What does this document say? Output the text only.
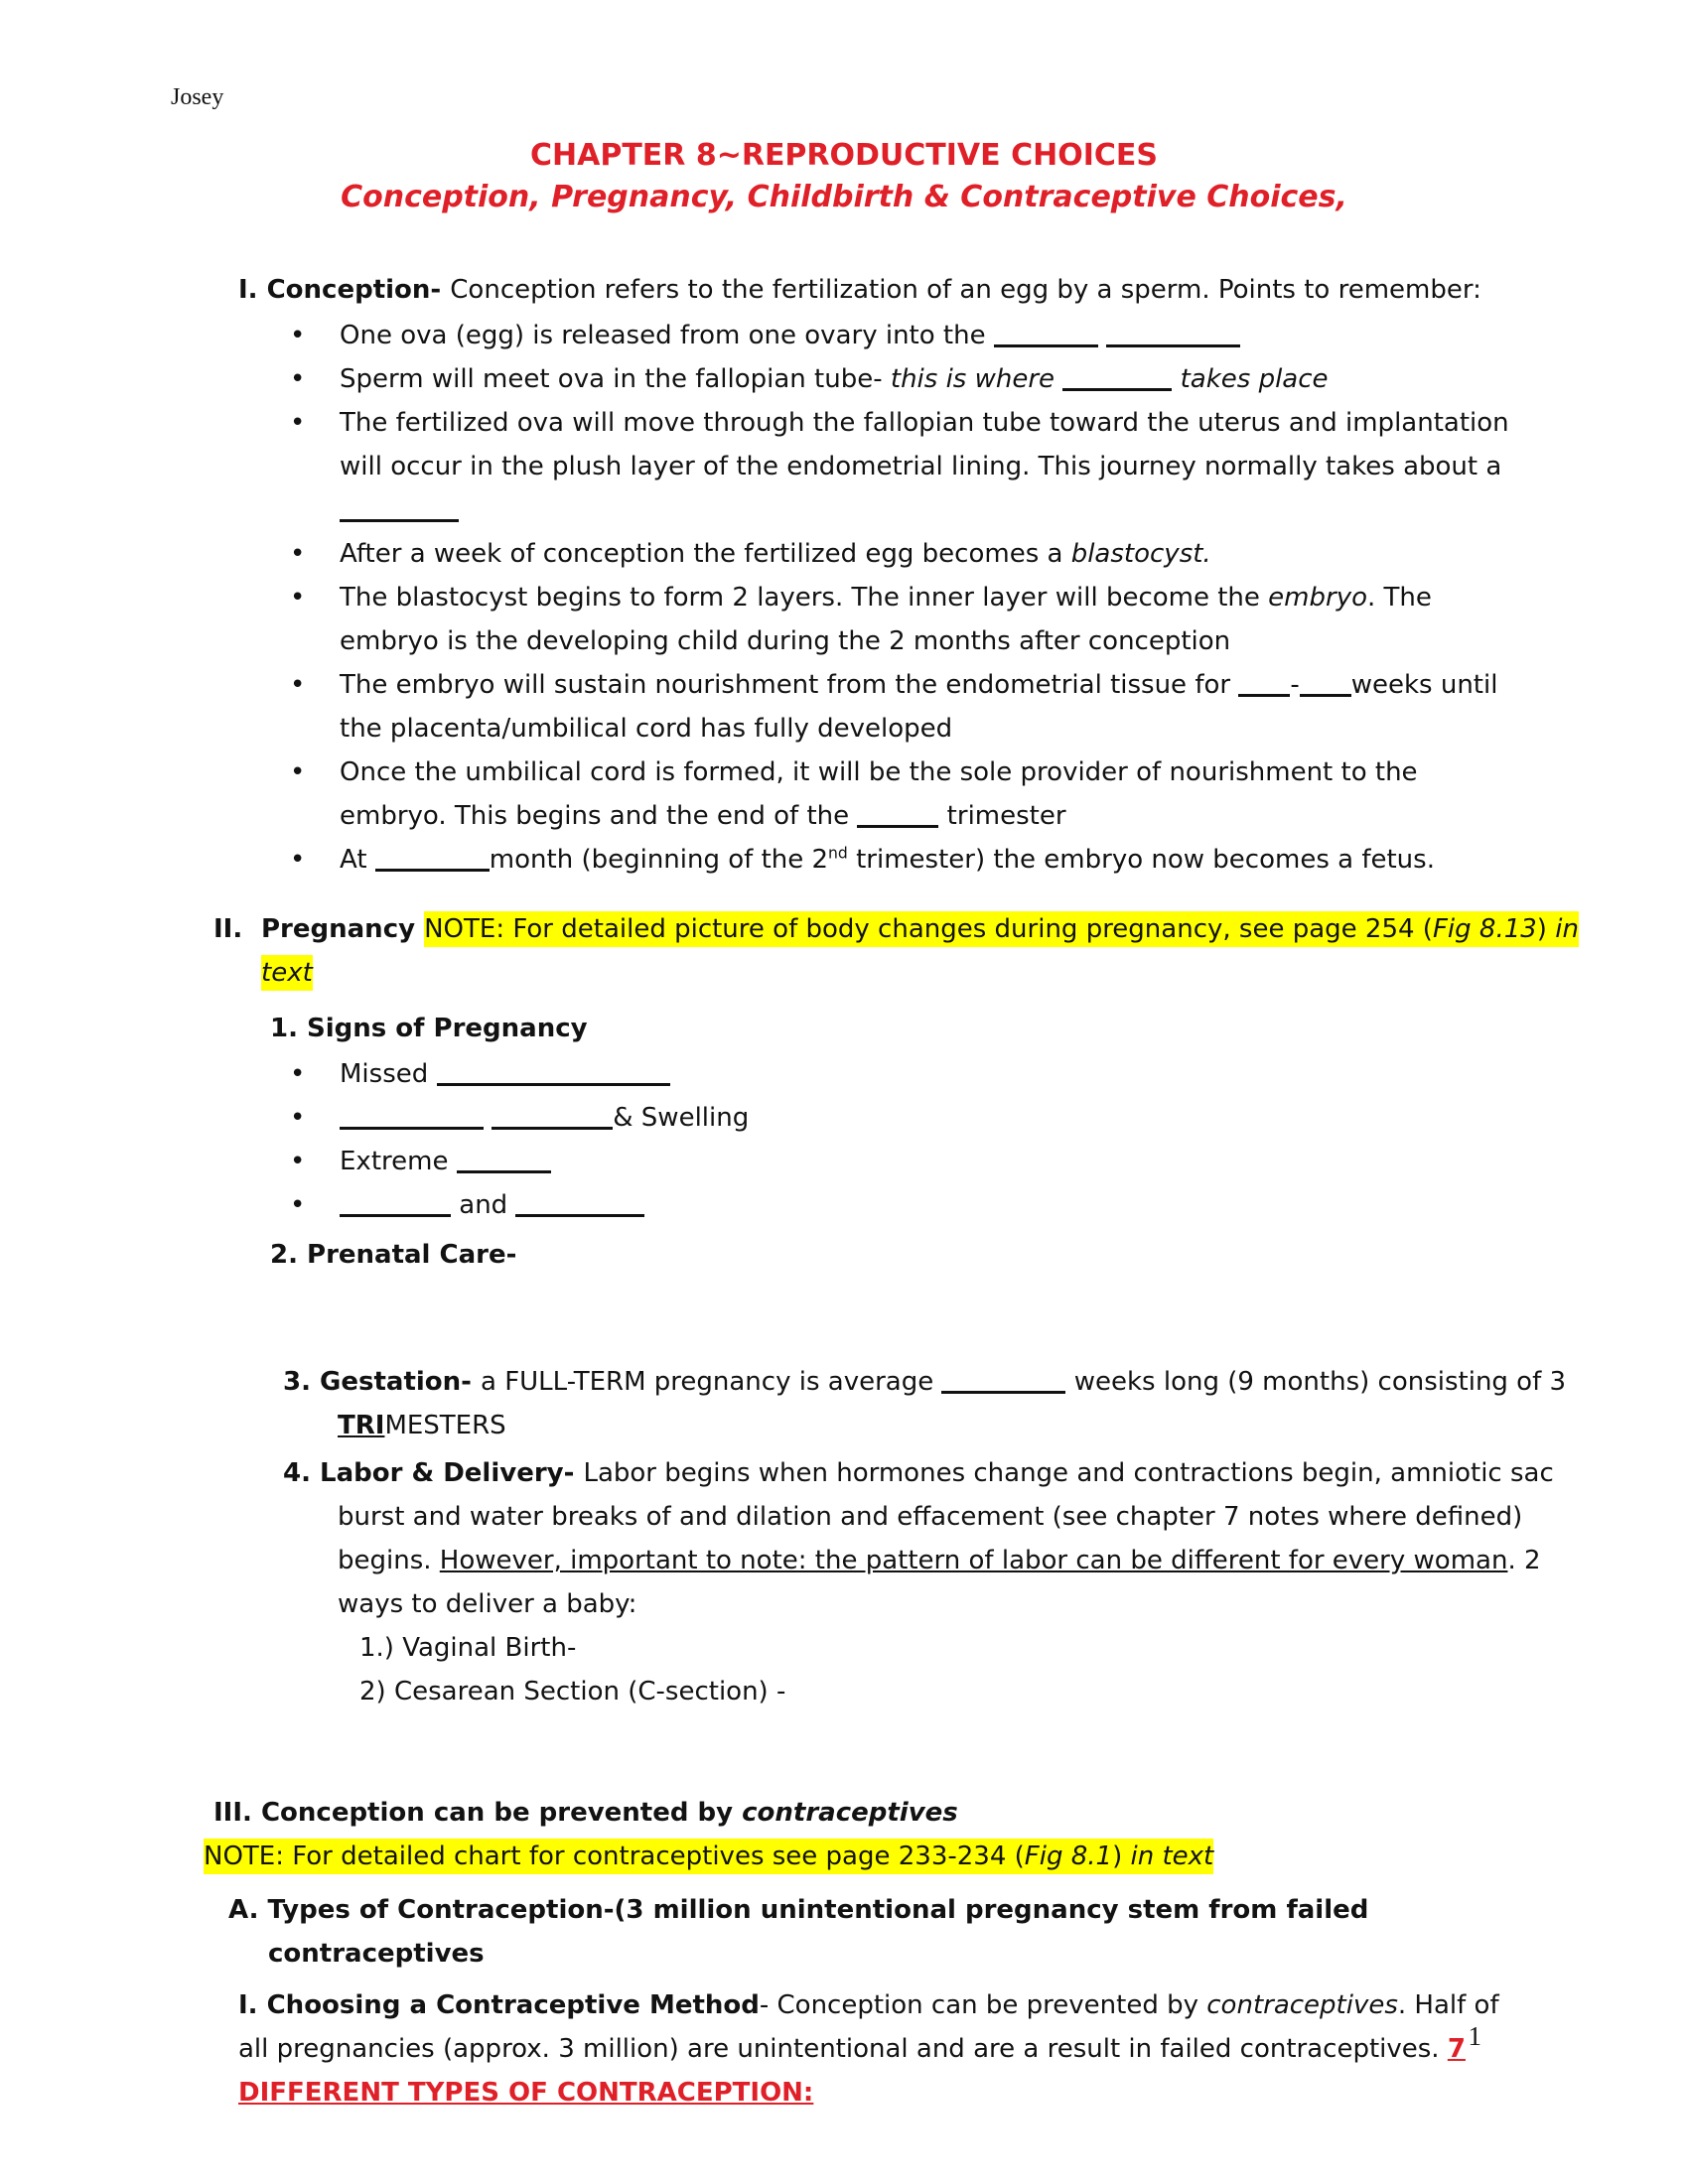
Josey

CHAPTER 8~REPRODUCTIVE CHOICES
Conception, Pregnancy, Childbirth & Contraceptive Choices,
I. Conception- Conception refers to the fertilization of an egg by a sperm. Points to remember:
• One ova (egg) is released from one ovary into the
• Sperm will meet ova in the fallopian tube- this is where	takes place
• The fertilized ova will move through the fallopian tube toward the uterus and implantation will occur in the plush layer of the endometrial lining. This journey normally takes about a
• After a week of conception the fertilized egg becomes a blastocyst.
• The blastocyst begins to form 2 layers. The inner layer will become the embryo. The embryo is the developing child during the 2 months after conception
• The embryo will sustain nourishment from the endometrial tissue for - weeks until the placenta/umbilical cord has fully developed
• Once the umbilical cord is formed, it will be the sole provider of nourishment to the embryo. This begins and the end of the	trimester
• At	month (beginning of the 2nd trimester) the embryo now becomes a fetus.
II. Pregnancy NOTE: For detailed picture of body changes during pregnancy, see page 254 (Fig 8.13) in text
1. Signs of Pregnancy
• Missed
•	& Swelling
• Extreme
•	and
2. Prenatal Care-
3. Gestation- a FULL-TERM pregnancy is average	weeks long (9 months) consisting of 3 TRIMESTERS
4. Labor & Delivery- Labor begins when hormones change and contractions begin, amniotic sac burst and water breaks of and dilation and effacement (see chapter 7 notes where defined) begins. However, important to note: the pattern of labor can be different for every woman. 2 ways to deliver a baby:
1.) Vaginal Birth-
2) Cesarean Section (C-section) -
III. Conception can be prevented by contraceptives
NOTE: For detailed chart for contraceptives see page 233-234 (Fig 8.1) in text
A. Types of Contraception-(3 million unintentional pregnancy stem from failed contraceptives
I. Choosing a Contraceptive Method- Conception can be prevented by contraceptives. Half of all pregnancies (approx. 3 million) are unintentional and are a result in failed contraceptives. 7 DIFFERENT TYPES OF CONTRACEPTION:
1
